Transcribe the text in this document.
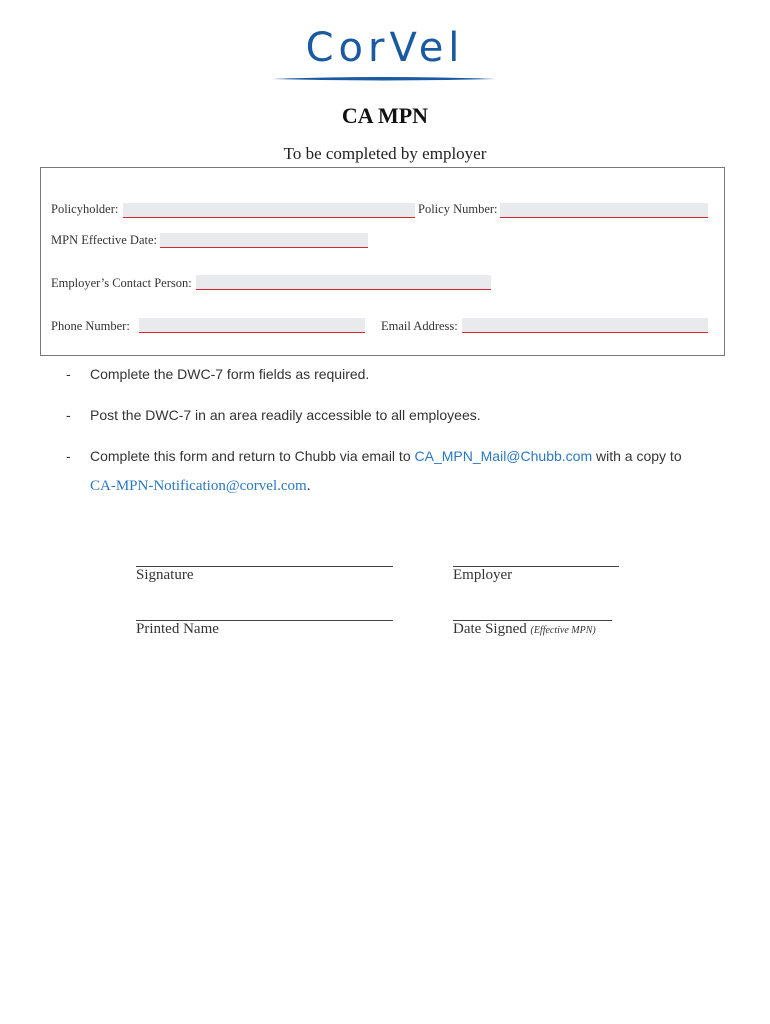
CorVel
CA MPN
To be completed by employer
Policyholder:	Policy Number:
MPN Effective Date:
Employer’s Contact Person:
Phone Number:	Email Address:
- Complete the DWC-7 form fields as required.
- Post the DWC-7 in an area readily accessible to all employees.
- Complete this form and return to Chubb via email to CA_MPN_Mail@Chubb.com with a copy to
CA-MPN-Notification@corvel.com.
Signature	Employer
Printed Name	Date Signed (Effective MPN)
